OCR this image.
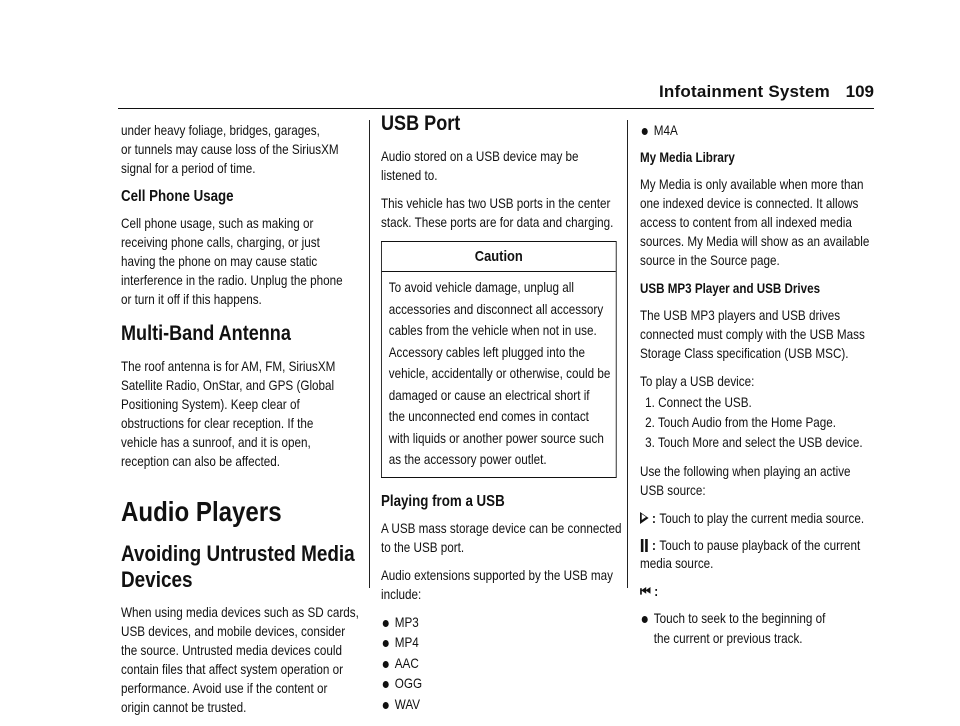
Infotainment System 109

under heavy foliage, bridges, garages,
or tunnels may cause loss of the SiriusXM
signal for a period of time.

Cell Phone Usage

Cell phone usage, such as making or
receiving phone calls, charging, or just
having the phone on may cause static
interference in the radio. Unplug the phone
or turn it off if this happens.

Multi-Band Antenna

The roof antenna is for AM, FM, SiriusXM
Satellite Radio, OnStar, and GPS (Global
Positioning System). Keep clear of
obstructions for clear reception. If the
vehicle has a sunroof, and it is open,
reception can also be affected.

Audio Players
Avoiding Untrusted Media Devices

When using media devices such as SD cards,
USB devices, and mobile devices, consider
the source. Untrusted media devices could
contain files that affect system operation or
performance. Avoid use if the content or
origin cannot be trusted.

USB Port

Audio stored on a USB device may be
listened to.

This vehicle has two USB ports in the center
stack. These ports are for data and charging.

Caution
To avoid vehicle damage, unplug all
accessories and disconnect all accessory
cables from the vehicle when not in use.
Accessory cables left plugged into the
vehicle, accidentally or otherwise, could be
damaged or cause an electrical short if
the unconnected end comes in contact
with liquids or another power source such
as the accessory power outlet.
Playing from a USB

A USB mass storage device can be connected
to the USB port.

Audio extensions supported by the USB may
include:

MP3
MP4
AAC
OGG
WAV
M4A
My Media Library

My Media is only available when more than
one indexed device is connected. It allows
access to content from all indexed media
sources. My Media will show as an available
source in the Source page.

USB MP3 Player and USB Drives

The USB MP3 players and USB drives
connected must comply with the USB Mass
Storage Class specification (USB MSC).

To play a USB device:

1. Connect the USB.
2. Touch Audio from the Home Page.
3. Touch More and select the USB device.

Use the following when playing an active
USB source:

: Touch to play the current media source.
: Touch to pause playback of the current

media source.

⏮ :
Touch to seek to the beginning of the current or previous track.
